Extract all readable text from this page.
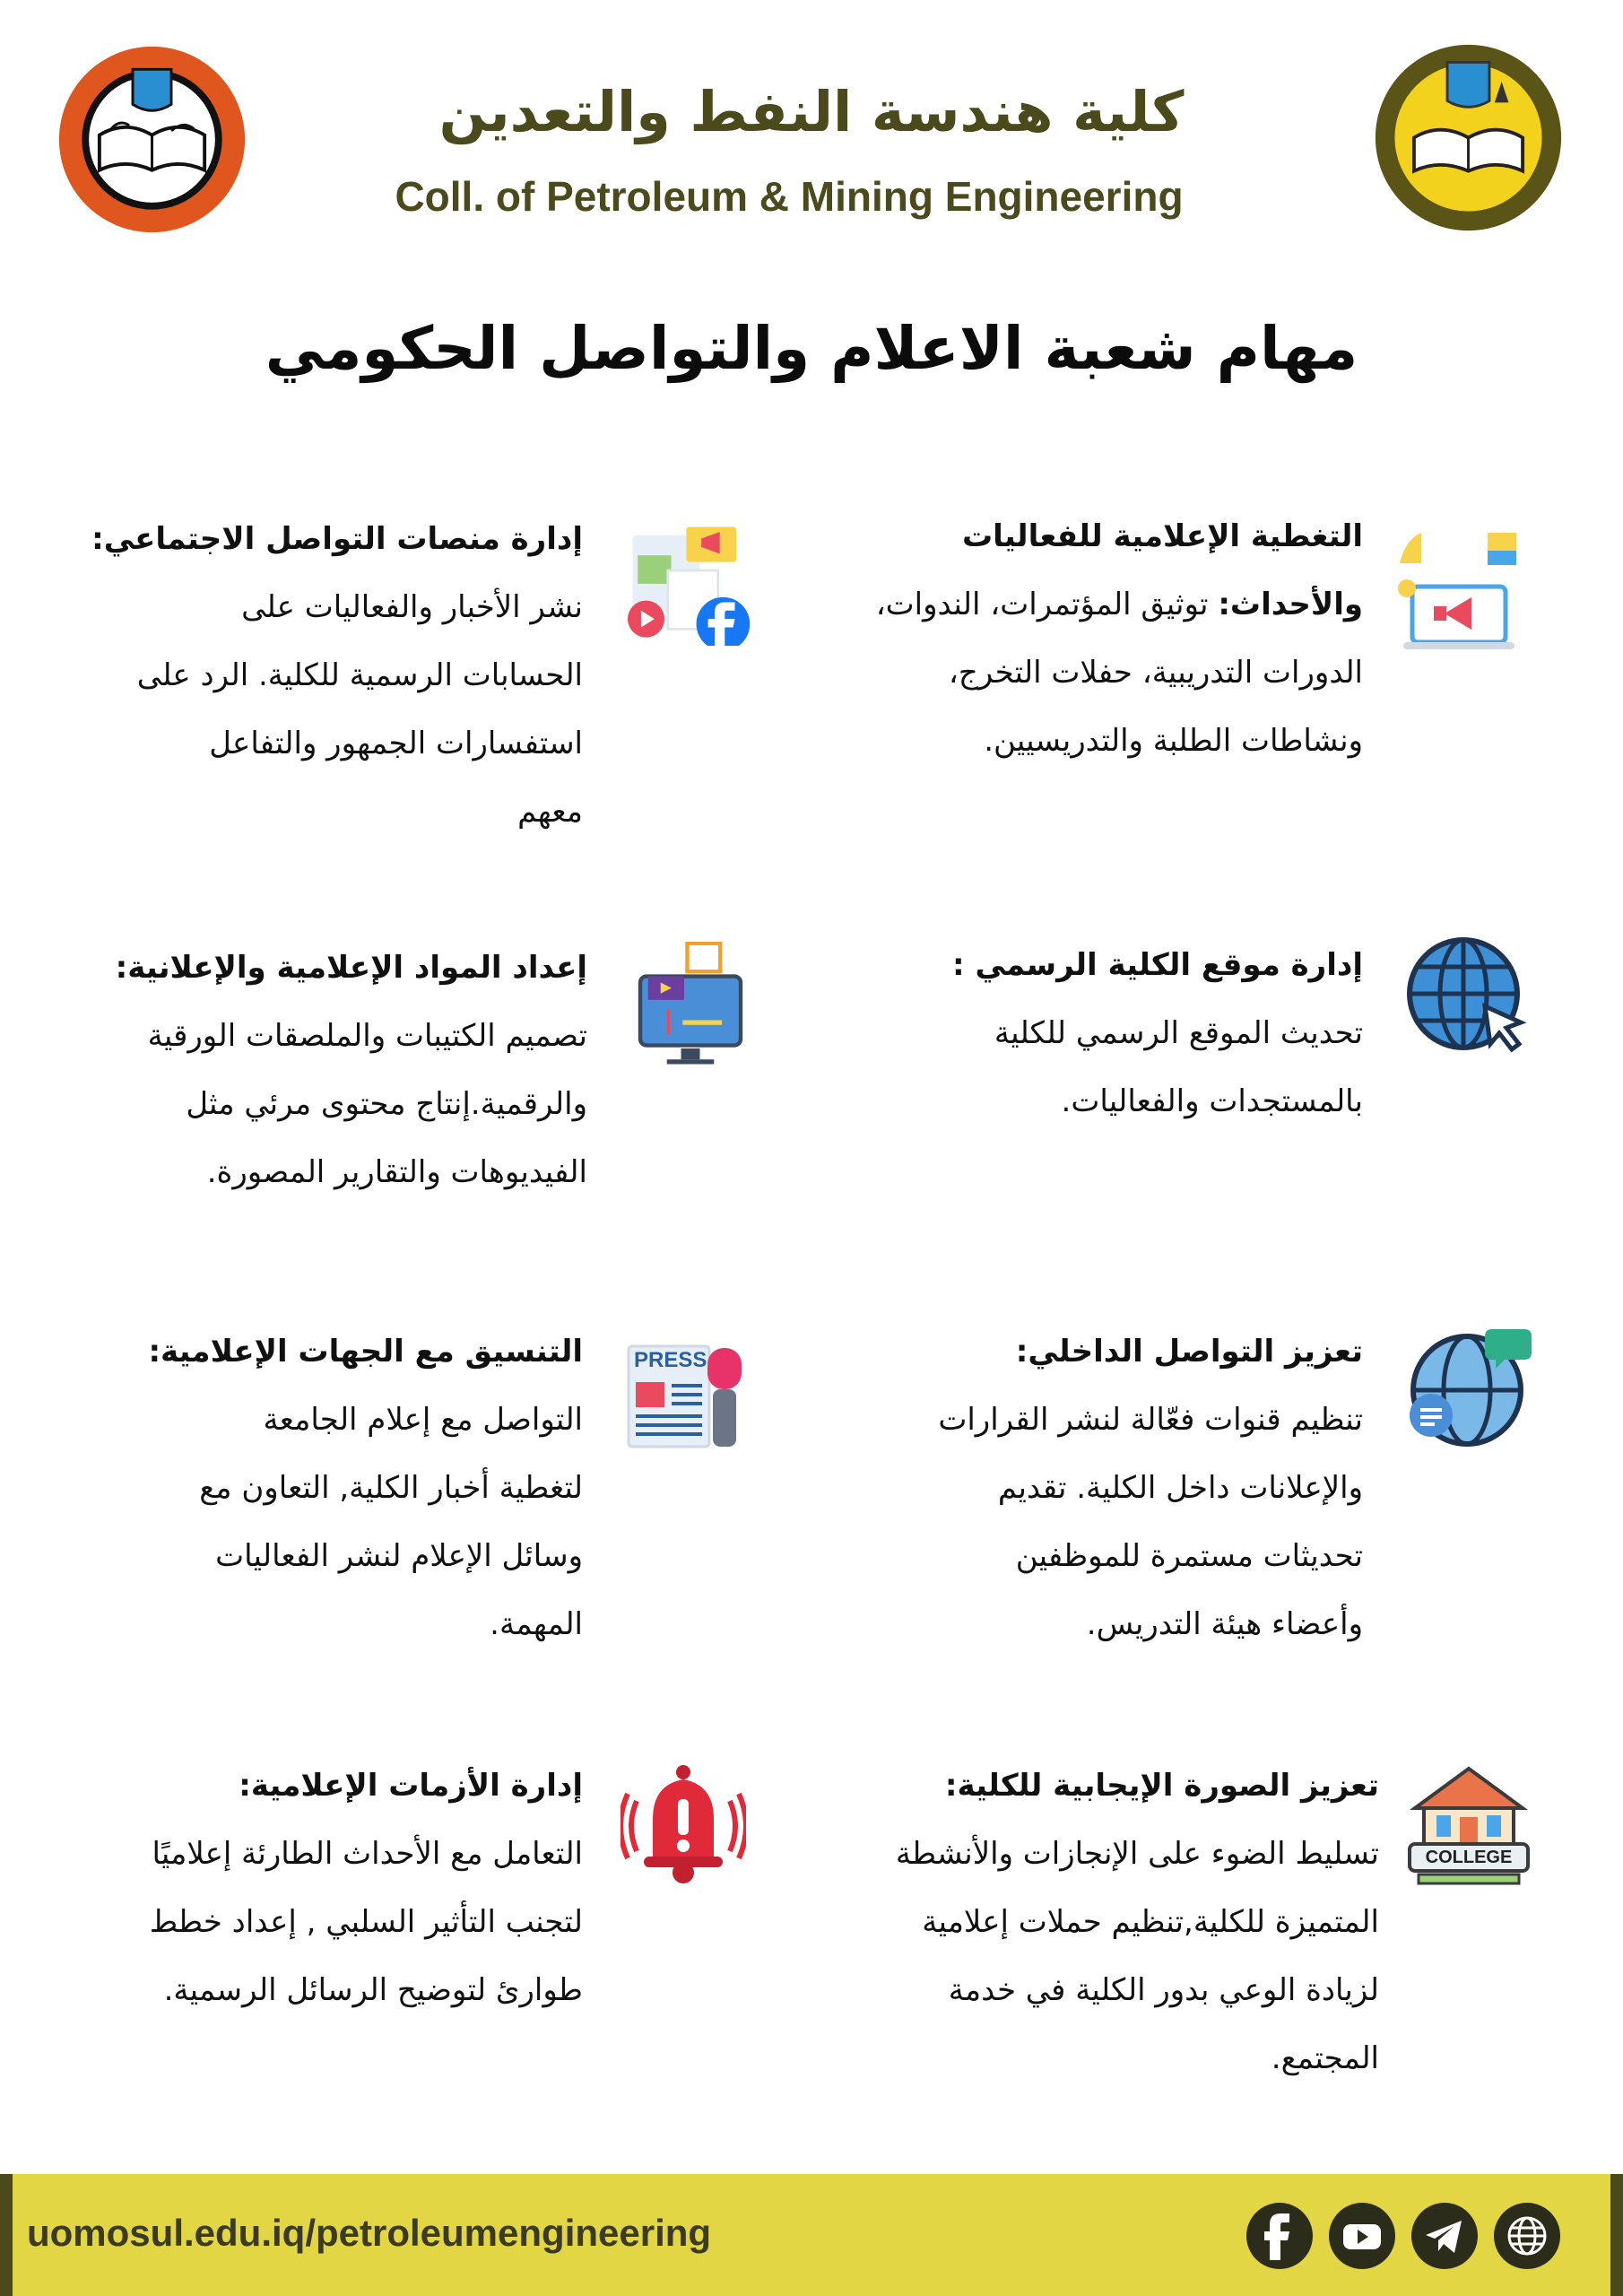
كلية هندسة النفط والتعدين
Coll. of Petroleum & Mining Engineering
مهام شعبة الاعلام والتواصل الحكومي
التغطية الإعلامية للفعاليات
والأحداث: توثيق المؤتمرات، الندوات،
الدورات التدريبية، حفلات التخرج،
ونشاطات الطلبة والتدريسيين.
إدارة منصات التواصل الاجتماعي:
نشر الأخبار والفعاليات على
الحسابات الرسمية للكلية. الرد على
استفسارات الجمهور والتفاعل
معهم
إدارة موقع الكلية الرسمي :
تحديث الموقع الرسمي للكلية
بالمستجدات والفعاليات.
إعداد المواد الإعلامية والإعلانية:
تصميم الكتيبات والملصقات الورقية
والرقمية.إنتاج محتوى مرئي مثل
الفيديوهات والتقارير المصورة.
تعزيز التواصل الداخلي:
تنظيم قنوات فعّالة لنشر القرارات
والإعلانات داخل الكلية. تقديم
تحديثات مستمرة للموظفين
وأعضاء هيئة التدريس.
PRESS
التنسيق مع الجهات الإعلامية:
التواصل مع إعلام الجامعة
لتغطية أخبار الكلية, التعاون مع
وسائل الإعلام لنشر الفعاليات
المهمة.
COLLEGE
تعزيز الصورة الإيجابية للكلية:
تسليط الضوء على الإنجازات والأنشطة
المتميزة للكلية,تنظيم حملات إعلامية
لزيادة الوعي بدور الكلية في خدمة
المجتمع.
إدارة الأزمات الإعلامية:
التعامل مع الأحداث الطارئة إعلاميًا
لتجنب التأثير السلبي , إعداد خطط
طوارئ لتوضيح الرسائل الرسمية.
uomosul.edu.iq/petroleumengineering
